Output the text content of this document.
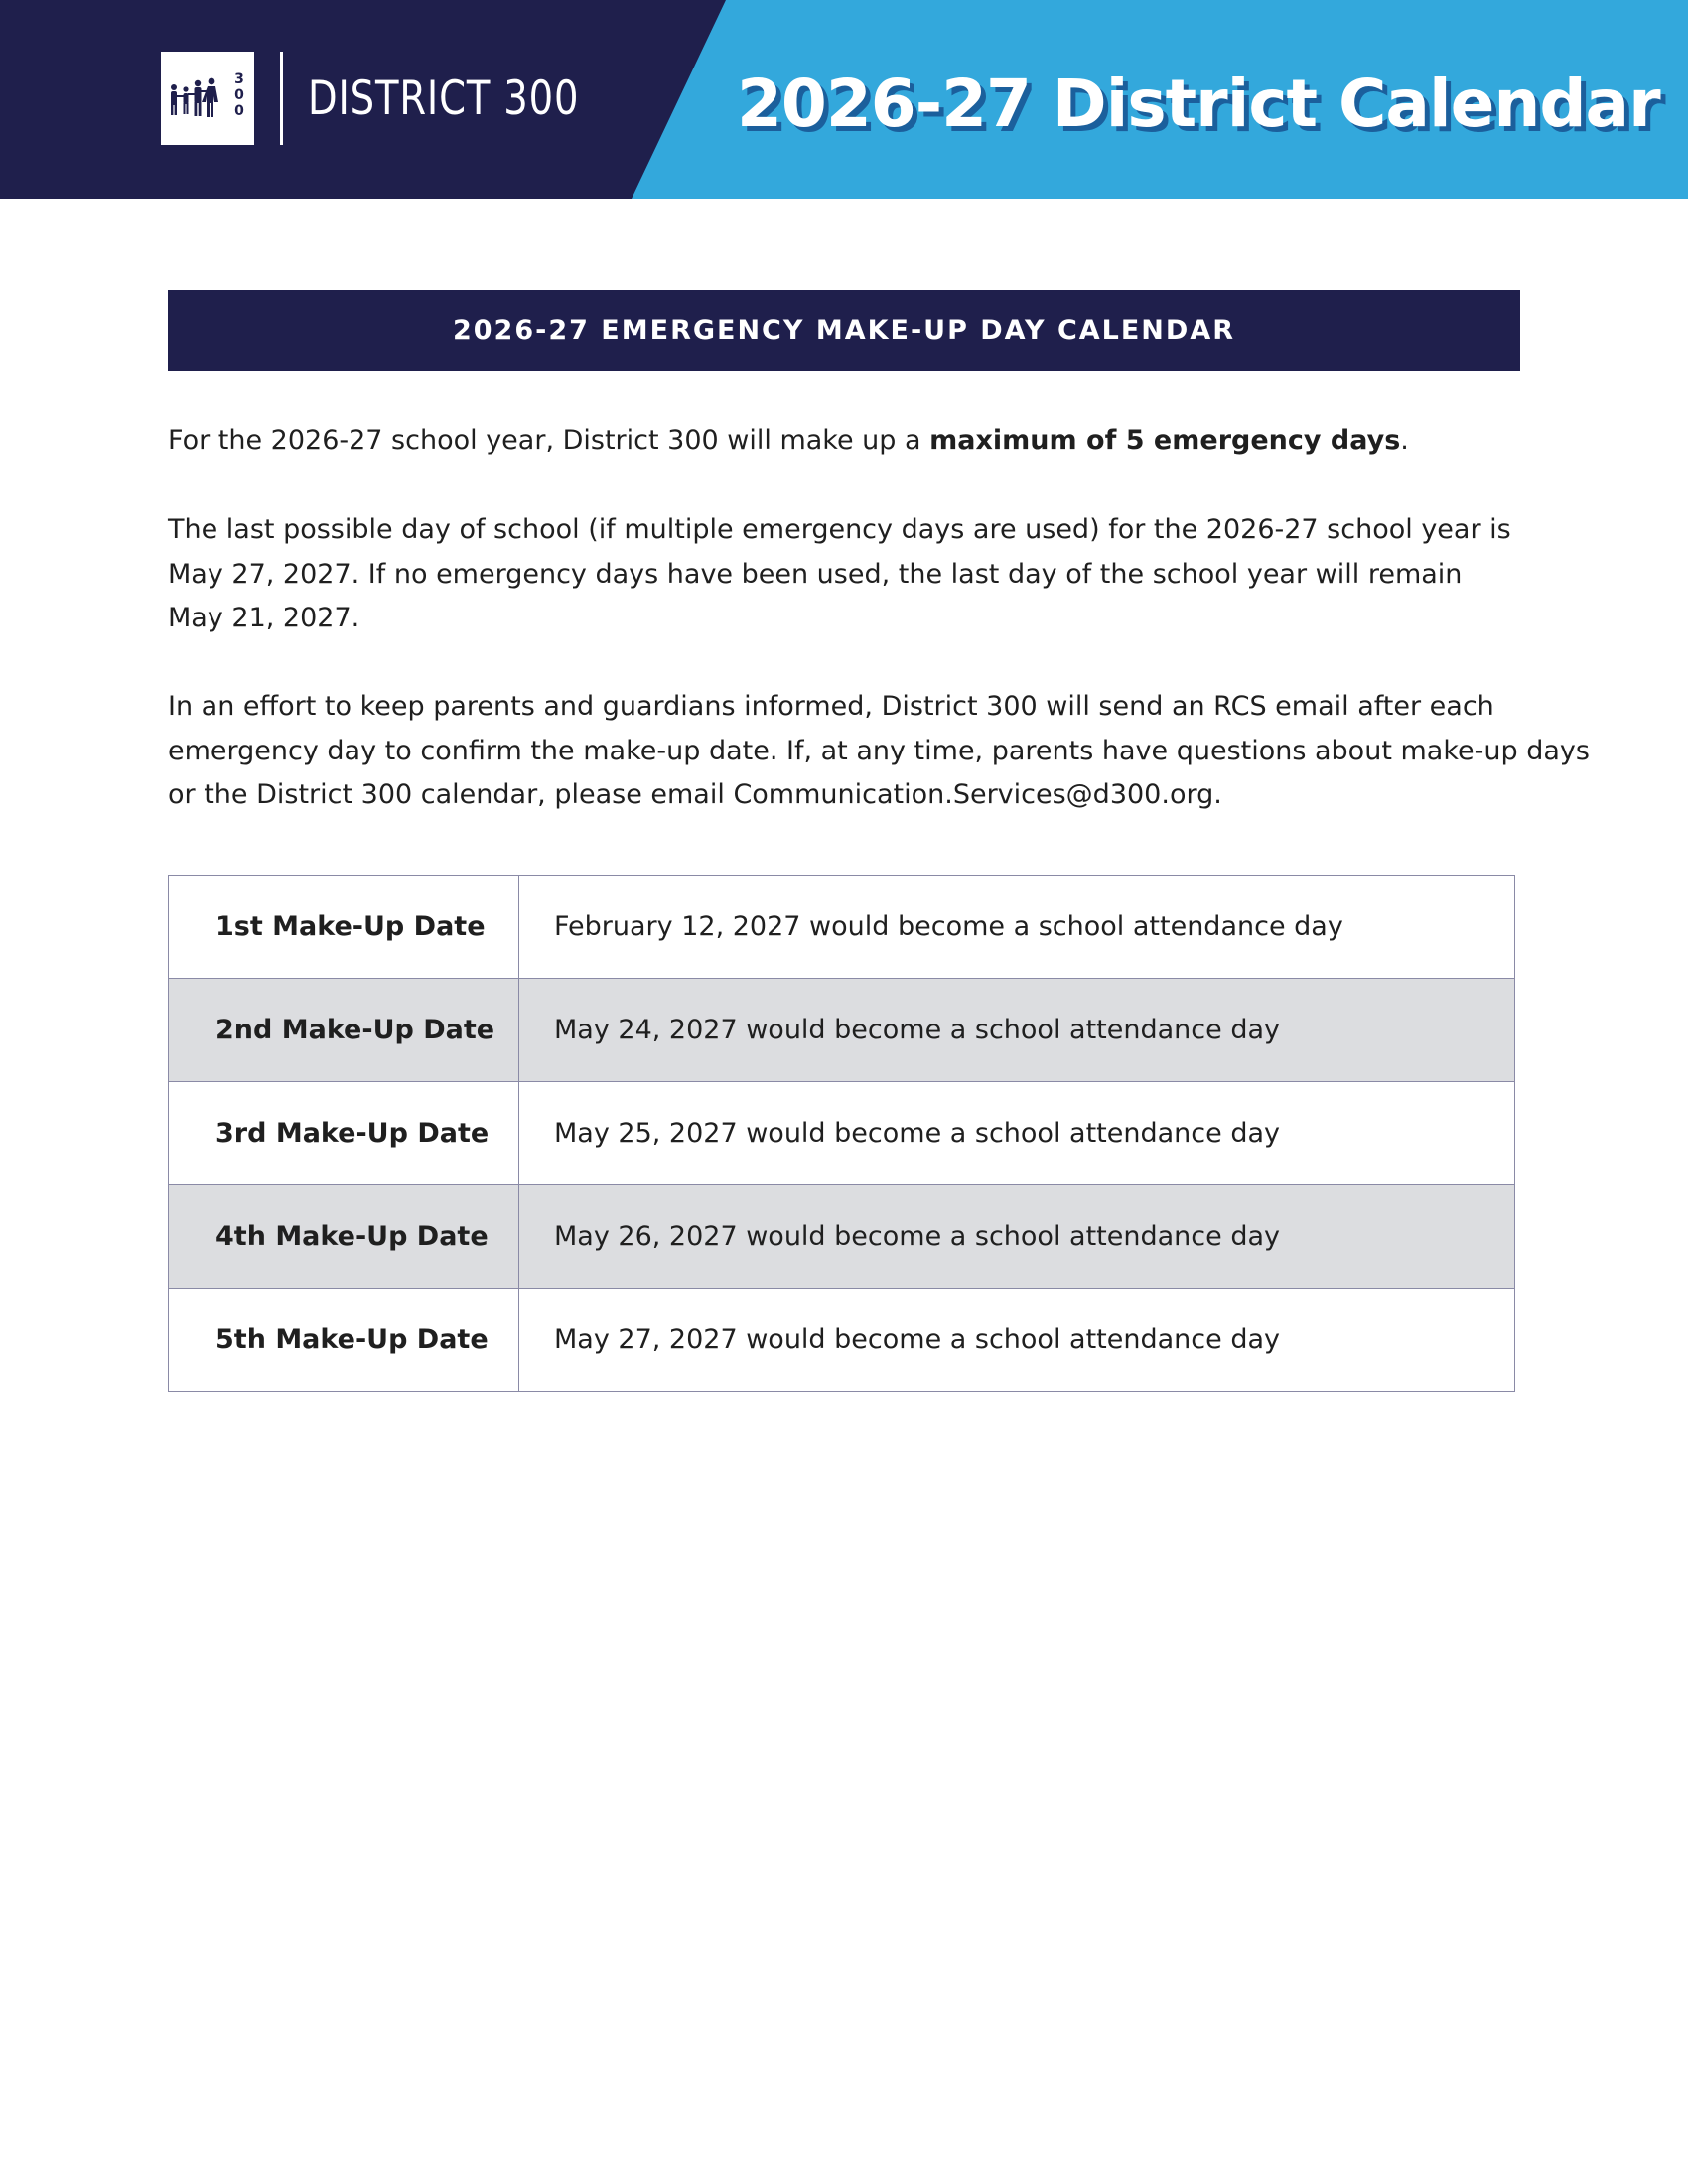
3
0
0 DISTRICT 300 2026-27 District Calendar
2026-27 EMERGENCY MAKE-UP DAY CALENDAR

For the 2026-27 school year, District 300 will make up a maximum of 5 emergency days.

The last possible day of school (if multiple emergency days are used) for the 2026-27 school year is
May 27, 2027. If no emergency days have been used, the last day of the school year will remain
May 21, 2027.

In an effort to keep parents and guardians informed, District 300 will send an RCS email after each
emergency day to confirm the make-up date. If, at any time, parents have questions about make-up days
or the District 300 calendar, please email Communication.Services@d300.org.

1st Make-Up Date	February 12, 2027 would become a school attendance day
2nd Make-Up Date	May 24, 2027 would become a school attendance day
3rd Make-Up Date	May 25, 2027 would become a school attendance day
4th Make-Up Date	May 26, 2027 would become a school attendance day
5th Make-Up Date	May 27, 2027 would become a school attendance day
